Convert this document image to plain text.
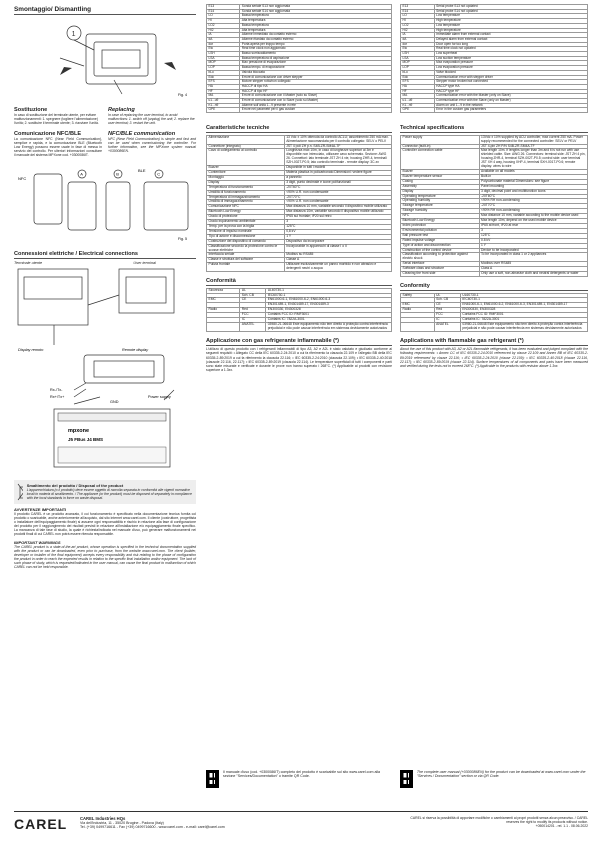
Smontaggio/ Dismantling
1
Fig. 4
Sostituzione
In caso di sostituzione del terminale utente, per evitare malfunzionamenti: 1. spegnere (togliere l'alimentazione) l'unità; 2. sostituire il terminale utente; 3. riavviare l'unità.
Replacing
In case of replacing the user terminal, to avoid malfunctions: 1. switch off (unplug) the unit; 2. replace the user terminal; 3. restart the unit.
Comunicazione NFC/BLE
La comunicazione NFC (Near Field Communication), semplice e rapida, e la comunicazione BLE (Bluetooth Low Energy) possono essere usate in fase di messa in servizio del controllo. Per ulteriori informazioni consultare il manuale del sistema MPXone cod. +0300086IT.
NFC/BLE communication
NFC (Near Field Communication) is simple and fast and can be used when commissioning the controller. For further information, see the MPXone system manual +0300086EN.
NFC
A	B
BLE
C
Fig. 5
Connessioni elettriche / Electrical connections
Terminale utente	User terminal
Display remoto	Remote display
Rx-/Tx-
Rx+/Tx+
GND
Power supply
mpxone
J5 FBus J4 BMS
Smaltimento del prodotto / Disposal of the product
L'apparecchiatura (o il prodotto) deve essere oggetto di raccolta separata in conformità alle vigenti normative locali in materia di smaltimento. / The appliance (or the product) must be disposed of separately in compliance with the local standards in force on waste disposal.
AVVERTENZE IMPORTANTI
Il prodotto CAREL è un prodotto avanzato, il cui funzionamento è specificato nella documentazione tecnica fornita col prodotto o scaricabile, anche anteriormente all'acquisto, dal sito internet www.carel.com. Il cliente (costruttore, progettista o installatore dell'equipaggiamento finale) si assume ogni responsabilità e rischio in relazione alla fase di configurazione del prodotto per il raggiungimento dei risultati previsti in relazione all'installazione e/o equipaggiamento finale specifico. La mancanza di tale fase di studio, la quale è richiesta/indicata nel manuale d'uso, può generare malfunzionamenti nei prodotti finali di cui CAREL non potrà essere ritenuta responsabile.
IMPORTANT WARNINGS
The CAREL product is a state-of-the-art product, whose operation is specified in the technical documentation supplied with the product or can be downloaded, even prior to purchase, from the website www.carel.com. The client (builder, developer or installer of the final equipment) accepts every responsibility and risk relating to the phase of configuration the product in order to reach the expected results in relation to the specific final installation and/or equipment. The lack of such phase of study, which is requested/indicated in the user manual, can cause the final product to malfunction of which CAREL can not be held responsible.
E13	Sonda seriale S13 non aggiornata
E14	Sonda seriale S14 non aggiornata
LO	Bassa temperatura
HI	Alta temperatura
LO2	Bassa temperatura
HI2	Alta temperatura
IA	Allarme immediato da contatto esterno
dA	Allarme ritardato da contatto esterno
dor	Porta aperta per troppo tempo
Etc	Real time clock non aggiornato
LSH	Basso surriscaldamento
LSA	Bassa temperatura di aspirazione
MOP	Max pressione di evaporazione
LOP	Bassa tempo. di evaporazione
bLo	Valvola bloccata
Edc	Errore di comunicazione con driver stepper
EFS	Motore stepper rotto/non collegato
HA	HACCP di tipo HA
HF	HACCP di tipo HF
MA	Errore di comunicazione con il Master (solo su Slave)
u1...u9	Errore di comunicazione con lo Slave (solo su Master)
n1...n9	Allarme sull'unità 1...9 presente in rete
GPE	Errore nei parametri per il gas custom
Caratteristiche tecniche
Alimentazione	13 Vdc ± 10% ottenuta da controllo ACLU; assorbimento 250 mA max. Alimentazione raccomandata per il controllo collegato: SELV o PELV
Connettore (integrato)	JST 4 poli ZH p.n. S4B-ZR-SM4A-TF
Cavo di collegamento al controllo	Lunghezza max 10m, in caso di lunghezze superiori ai 3m è disponibile non intrecciato, utilizzare cavo schermato. Sezione: AWG 26. Connettori: lato terminale JST ZH 4 vie, housing ZHR-4, terminali SZH-002T-P0.5; lato controllo terminale - remote display: 3C-xx
Buzzer	Disponibile in tutti i modelli
Contenitore	Materia plastica in policarbonato Dimensioni: vedere figure
Montaggio	a pannello
Display	3 digit, punto decimale e icone polifunzionali
Temperatura di funzionamento	-20T60°C
Umidità di funzionamento	<90% U.R. non condensante
Temperatura di immagazzinamento	-20T70°C
Umidità di immagazzinamento	<90% U.R. non condensante
Comunicazione NFC	Max distanza 10 mm, variabile secondo il dispositivo mobile utilizzato
Bluetooth Low Energy	Max distanza 10m, variabile secondo il dispositivo mobile utilizzato
Grado di protezione	IP65 sul frontale; IP20 sul retro
Grado inquinamento ambientale	3
Temp. per la prova con la biglia	125°C
Tensione di impulso nominale	0,8 kV
Tipo di azione e disconnessione	1 Y
Costruzione del dispositivo di comando	Dispositivo da incorporare
Classificazione secondo la protezione contro le scosse elettriche	Incorporabile in apparecchi di classe I o II
Interfaccia seriale	Modbus su RS485
Classe e struttura del software	Classe A
Pulizia frontale	Utilizzare esclusivamente un panno morbido e non abrasivo e detergenti neutri o acqua
Conformità
Sicurezza	UL	UL60730-1
	Sch. CB	IEC60730-1
EMC	CE	EN61000-6-1, EN61000-6-2, EN61000-6-3
		EN301489-1, EN301489-17, EN301489-3
Radio	Red	EN300330, EN300328
	FCC	Contains FCC ID: RMF3001
	IC	Contains IC: 7822A-3001
	ANATEL	03980-21-06648 Este equipamento não tem direito à proteção contra interferência prejudicial e não pode causar interferência em sistemas devidamente autorizados
Applicazione con gas refrigerante infiammabile (*)
L'utilizzo di questo prodotto con i refrigeranti infiammabili di tipo A3, A2 e A2L è stato valutato e giudicato conforme ai seguenti requisiti: • Allegato CC della IEC 60335-2-24:2010 a cui fa riferimento la clausola 22.109 e l'allegato BB della IEC 60335-2-89:2019 a cui fa riferimento la clausola 22.116; • IEC 60335-2-24:2010 (clausola 22.109); • IEC 60335-2-40:2018 (clausole 22.116, 22.117); • IEC 60335-2-89:2019 (clausola 22.114). Le temperature superficiali di tutti i componenti e parti sono state misurate e verificate e durante le prove non hanno superato i 268°C. (*) Applicabile ai prodotti con revisione superiore a 1.3xx.
E13	Serial probe S13 not updated
E14	Serial probe S14 not updated
LO	Low temperature
HI	High temperature
LO2	Low temperature
HI2	High temperature
IA	Immediate alarm from external contact
dA	Delayed alarm from external contact
dor	Door open for too long
Etc	Real time clock not updated
LSH	Low superheat
LSA	Low suction temperature
MOP	Max evaporation pressure
LOP	Low evaporation pressure
bLo	Valve blocked
Edc	Communication error with stepper driver
EFS	Stepper motor broken/not connected
HA	HACCP type HA
HF	HACCP type HF
MA	Communication error with the Master (only on Slave)
u1...u9	Communication error with the Slave (only on Master)
n1...n9	Alarm on unit 1...9 in the network
GPE	Error in the custom gas parameters
Technical specifications
Power supply	13Vdc ± 10% supplied by ACU controller, max current 250 mA. Power supply recommended for the connected controller: SELV or PELV
Connector (built-in)	JST 4-pin ZH P/N S4B-ZR-SM4A-TF
Controller connection cable	Max length 10m. If lengths longer than 3m and it is not run with use shielded cable. Size: AWG 26. Connectors: terminal side: JST ZH 4 pin, housing ZHR-4, terminal SZH-002T-P0.5; control side: user terminal JST XH 4 way, housing XHP-4, terminal SXH-001T-P0.6; remote display: wires to wire
Buzzer	Available on all models
Buzzer temperature sensor	Built-in
Casing	Polycarbonate material Dimensions: see figure
Assembly	Panel mounting
Display	3 digit, decimal point and multifunction icons
Operating temperature	-20T60°C
Operating humidity	<90% RH non-condensing
Storage temperature	-20T70°C
Storage humidity	<90% RH non-condensing
NFC	Max distance 10 mm, variable according to the mobile device used
Bluetooth Low Energy	Max length 10m, depend on the used mobile device
Index protection	IP65 at front, IP20 at rear
Environmental pollution	3
Ball pressure test	125°C
Rated impulse voltage	0.8 kV
Type of action and disconnection	1 Y
Construction of the control device	Device to be incorporated
Classification according to protection against electric shock	To be incorporated in class 1 or 2 appliances
Serial interface	Modbus over RS485
Software class and structure	Class A
Cleaning the front side	Only use a soft, non-abrasive cloth and neutral detergents or water
Conformity
Safety	UL	UL60730-1
	Sch. CB	IEC60730-1
EMC	CE	EN61000-6-1, EN61000-6-2, EN61000-6-3, EN301489-1, EN301489-17
Radio	Red	EN300330, EN300328
	FCC	Contains FCC ID: RMF3001
	IC	Contains IC: 7822A-3001
	ANATEL	03980-21-06648 Este equipamento não tem direito à proteção contra interferência prejudicial e não pode causar interferência em sistemas devidamente autorizados
Applications with flammable gas refrigerant (*)
About the use of this product with A3, A2 or A2L flammable refrigerants, it has been evaluated and judged compliant with the following requirements: • Annex CC of IEC 60335-2-24:2010 referenced by clause 22.109 and Annex BB of IEC 60335-2-89:2019 referenced by clause 22.116; • IEC 60335-2-24:2010 (clause 22.109); • IEC 60335-2-40:2018 (clause 22.116, 22.117); • IEC 60335-2-89:2019 (clause 22.114). Surface temperatures of all components and parts have been measured and verified during the tests not to exceed 268°C. (*) Applicable to the products with revision above 1.3xx.
Il manuale d'uso (cod. +0300086IT) completo del prodotto è scaricabile sul sito www.carel.com alla sezione "Services/Documentation" o tramite QR Code.
The complete user manual (+0300086EN) for the product can be downloaded at www.carel.com under the "Services / Documentation" section or via QR Code.
CAREL	CAREL Industries HQs
Via dell'Industria, 11 - 35020 Brugine - Padova (Italy)
Tel. (+39) 0499716611 - Fax (+39) 0499716600 - www.carel.com - e-mail: carel@carel.com
CAREL si riserva la possibilità di apportare modifiche o cambiamenti ai propri prodotti senza alcun preavviso. / CAREL reserves the right to modify its products without notice.
+050014201 - rel. 1.1 - 08.06.2022
